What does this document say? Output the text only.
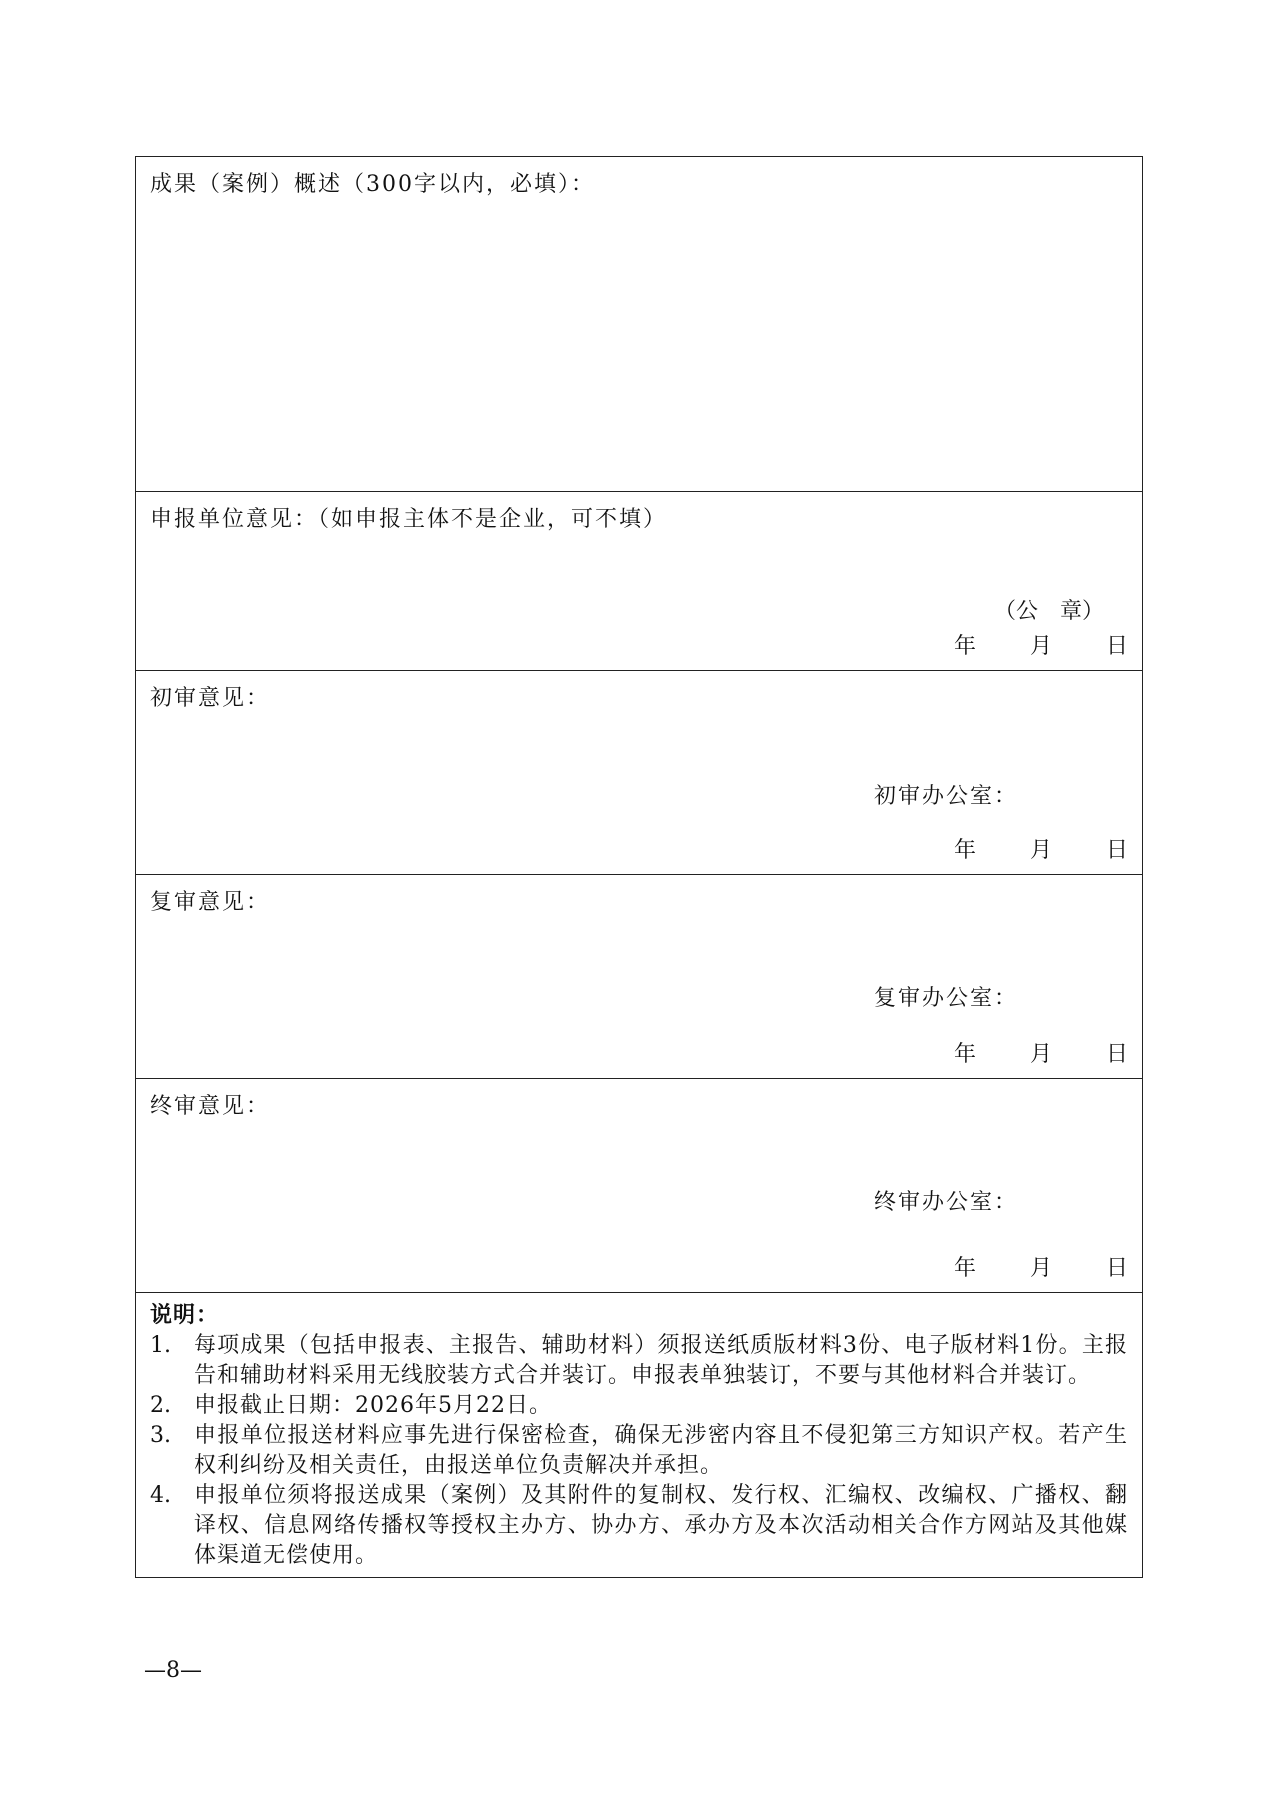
成果（案例）概述（300字以内，必填）：

申报单位意见：（如申报主体不是企业，可不填）
（公　章）
年 月 日

初审意见：
初审办公室：
年 月 日

复审意见：
复审办公室：
年 月 日

终审意见：
终审办公室：
年 月 日

说明：
1.	每项成果（包括申报表、主报告、辅助材料）须报送纸质版材料3份、电子版材料1份。主报告和辅助材料采用无线胶装方式合并装订。申报表单独装订，不要与其他材料合并装订。
2.	申报截止日期：2026年5月22日。
3.	申报单位报送材料应事先进行保密检查，确保无涉密内容且不侵犯第三方知识产权。若产生权利纠纷及相关责任，由报送单位负责解决并承担。
4.	申报单位须将报送成果（案例）及其附件的复制权、发行权、汇编权、改编权、广播权、翻译权、信息网络传播权等授权主办方、协办方、承办方及本次活动相关合作方网站及其他媒体渠道无偿使用。
—8—
